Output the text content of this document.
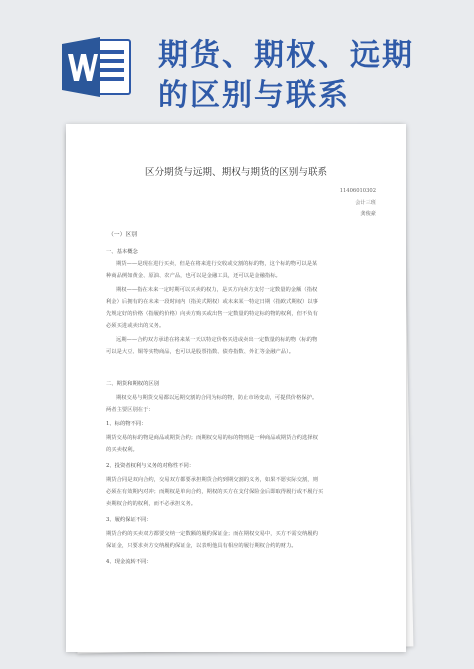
期货、期权、远期
的区别与联系
区分期货与远期、期权与期货的区别与联系
11406010302
会计三班
龚俊豪
（一）区别
一、基本概念
期货——是现在进行买卖，但是在将来进行交收或交割的标的物，这个标的物可以是某
种商品例如黄金、原油、农产品，也可以是金融工具，还可以是金融指标。
期权——指在未来一定时期可以买卖的权力，是买方向卖方支付一定数量的金额（指权
利金）后拥有的在未来一段时间内（指美式期权）或未来某一特定日期（指欧式期权）以事
先规定好的价格（指履约价格）向卖方购买或出售一定数量的特定标的物的权利，但不负有
必须买进或卖出的义务。
远期——合约双方承诺在将来某一天以特定价格买进或卖出一定数量的标的物（标的物
可以是大豆、铜等实物商品，也可以是股票指数、债券指数、外汇等金融产品）。
二、期货和期权的区别
期权交易与期货交易都以远期交割的合同为标的物，防止市场变动，可提供价格保护。
两者主要区别在于：
1、标的物不同：
期货交易的标的物是商品或期货合约；而期权交易的标的物则是一种商品或期货合约选择权
的买卖权利。
2、投资者权利与义务的对称性不同：
期货合同是双向合约，交易双方都要承担期货合约到期交割的义务，如果不愿实际交割，则
必须在有效期内对冲；而期权是单向合约，期权的买方在支付保险金后即取得履行或不履行买
卖期权合约的权利，而不必承担义务。
3、履约保证不同：
期货合约的买卖双方都要交纳一定数额的履约保证金；而在期权交易中，买方不需交纳履约
保证金，只要求卖方交纳履约保证金，以表明他具有相应的履行期权合约的财力。
4、现金流转不同：
